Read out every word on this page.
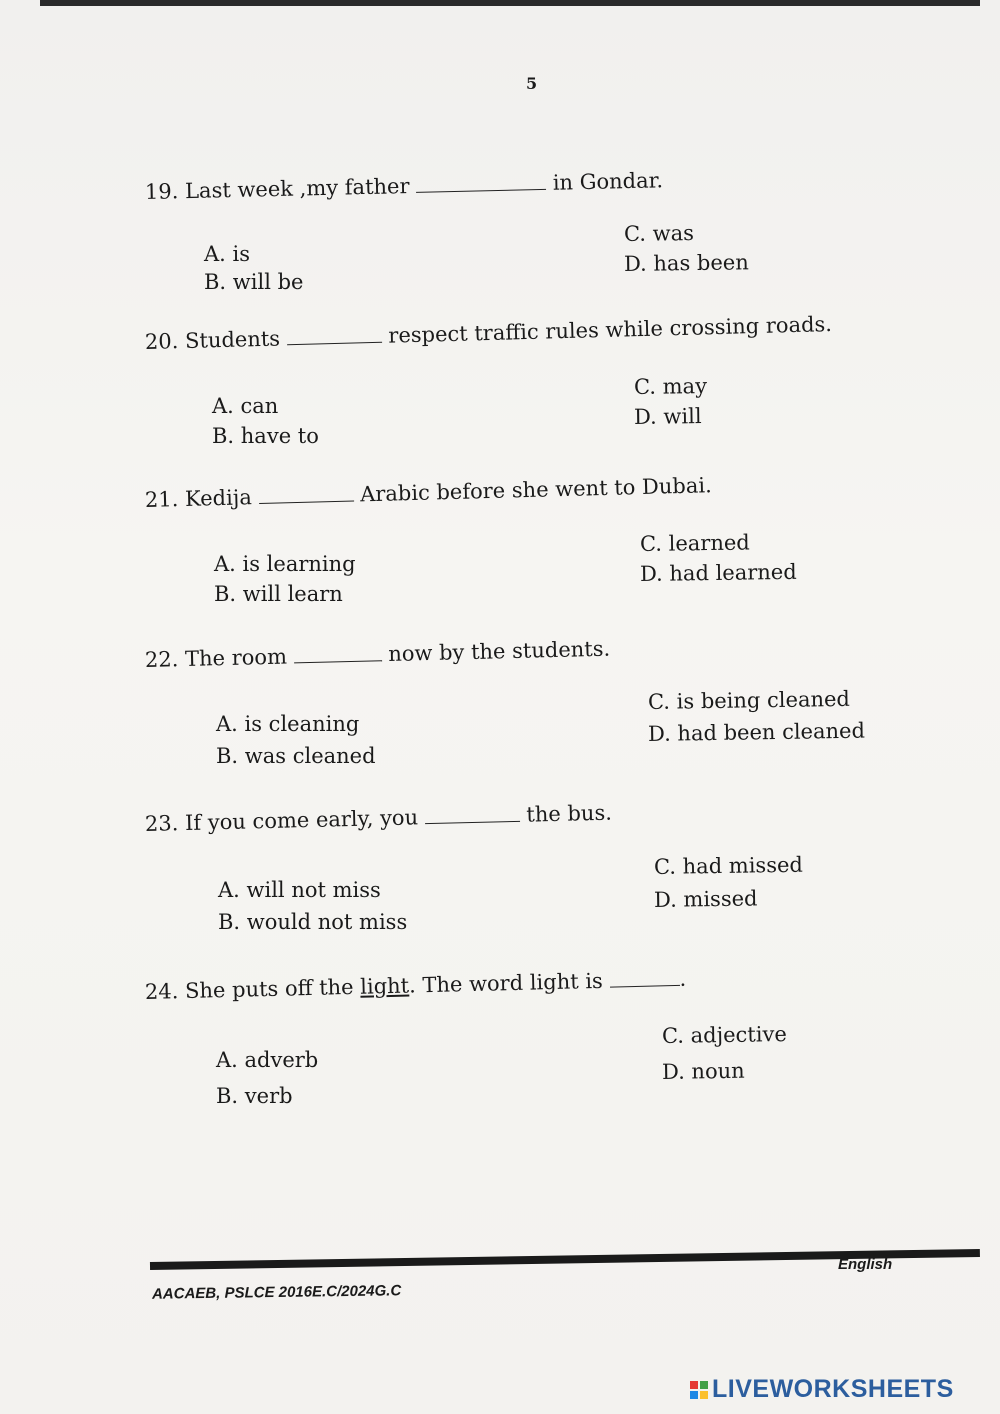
5
19. Last week ,my father	in Gondar.
A. is
B. will be
C. was
D. has been
20. Students	respect traffic rules while crossing roads.
A. can
B. have to
C. may
D. will
21. Kedija	Arabic before she went to Dubai.
A. is learning
B. will learn
C. learned
D. had learned
22. The room	now by the students.
A. is cleaning
B. was cleaned
C. is being cleaned
D. had been cleaned
23. If you come early, you	the bus.
A. will not miss
B. would not miss
C. had missed
D. missed
24. She puts off the light. The word light is	.
A. adverb
B. verb
C. adjective
D. noun
English
AACAEB, PSLCE 2016E.C/2024G.C
LIVEWORKSHEETS
